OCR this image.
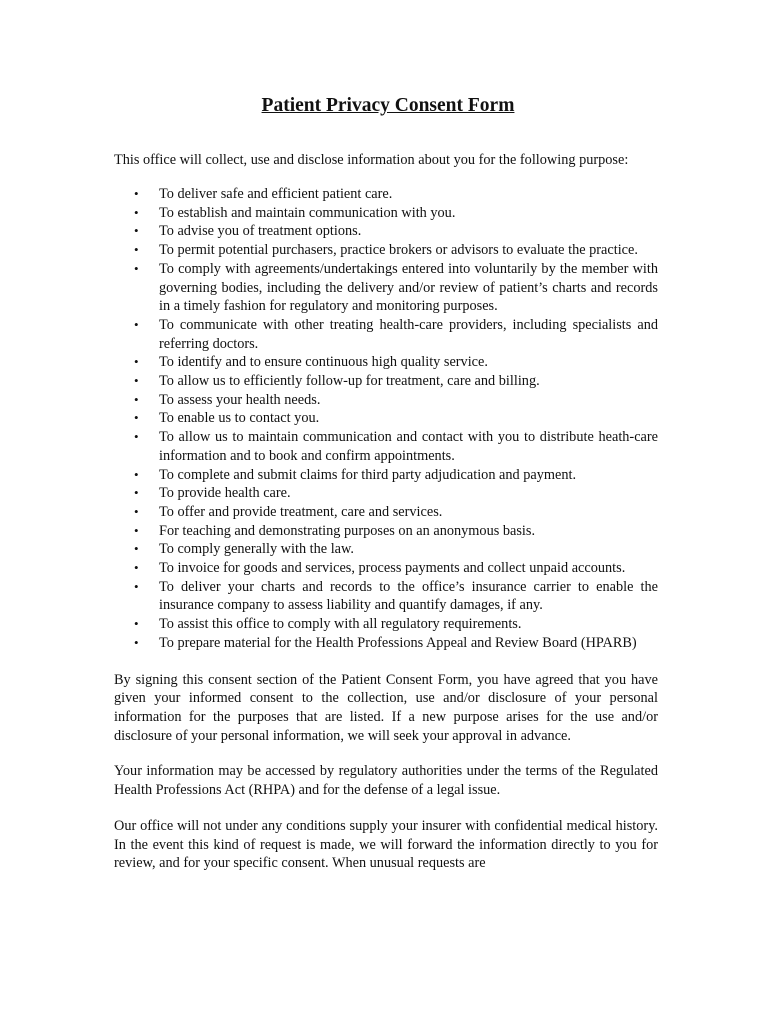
Patient Privacy Consent Form

This office will collect, use and disclose information about you for the following purpose:

• To deliver safe and efficient patient care.
• To establish and maintain communication with you.
• To advise you of treatment options.
• To permit potential purchasers, practice brokers or advisors to evaluate the practice.
• To comply with agreements/undertakings entered into voluntarily by the member with governing bodies, including the delivery and/or review of patient’s charts and records in a timely fashion for regulatory and monitoring purposes.
• To communicate with other treating health-care providers, including specialists and referring doctors.
• To identify and to ensure continuous high quality service.
• To allow us to efficiently follow-up for treatment, care and billing.
• To assess your health needs.
• To enable us to contact you.
• To allow us to maintain communication and contact with you to distribute heath-care information and to book and confirm appointments.
• To complete and submit claims for third party adjudication and payment.
• To provide health care.
• To offer and provide treatment, care and services.
• For teaching and demonstrating purposes on an anonymous basis.
• To comply generally with the law.
• To invoice for goods and services, process payments and collect unpaid accounts.
• To deliver your charts and records to the office’s insurance carrier to enable the insurance company to assess liability and quantify damages, if any.
• To assist this office to comply with all regulatory requirements.
• To prepare material for the Health Professions Appeal and Review Board (HPARB)

By signing this consent section of the Patient Consent Form, you have agreed that you have given your informed consent to the collection, use and/or disclosure of your personal information for the purposes that are listed. If a new purpose arises for the use and/or disclosure of your personal information, we will seek your approval in advance.

Your information may be accessed by regulatory authorities under the terms of the Regulated Health Professions Act (RHPA) and for the defense of a legal issue.

Our office will not under any conditions supply your insurer with confidential medical history. In the event this kind of request is made, we will forward the information directly to you for review, and for your specific consent. When unusual requests are
